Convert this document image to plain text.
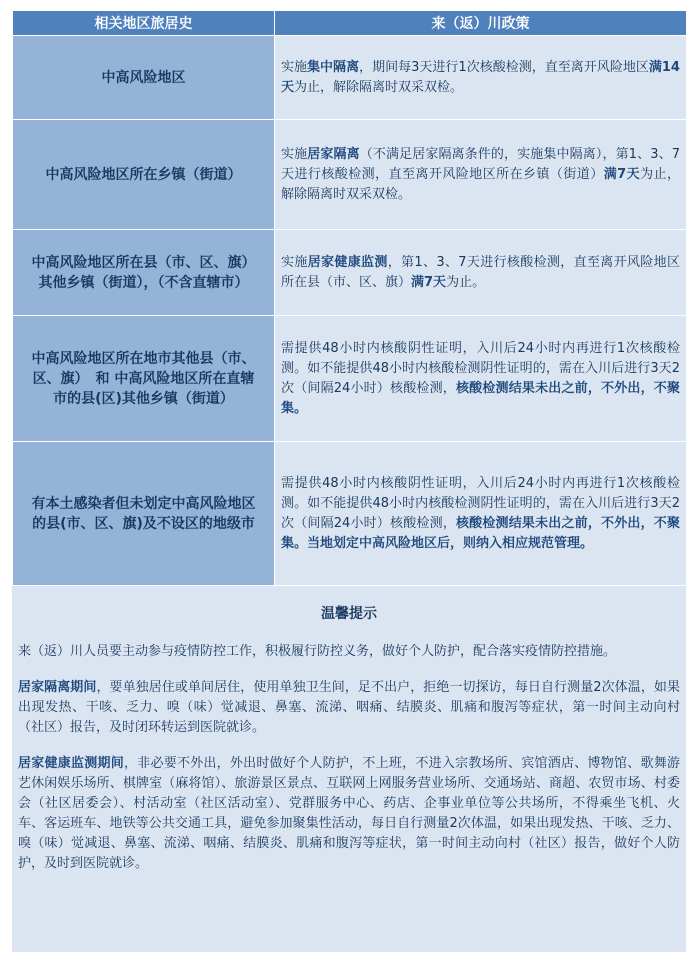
相关地区旅居史	来（返）川政策
中高风险地区	实施集中隔离，期间每3天进行1次核酸检测，直至离开风险地区满14天为止，解除隔离时双采双检。
中高风险地区所在乡镇（街道）	实施居家隔离（不满足居家隔离条件的，实施集中隔离），第1、3、7天进行核酸检测，直至离开风险地区所在乡镇（街道）满7天为止，解除隔离时双采双检。
中高风险地区所在县（市、区、旗）其他乡镇（街道），（不含直辖市）	实施居家健康监测，第1、3、7天进行核酸检测，直至离开风险地区所在县（市、区、旗）满7天为止。
中高风险地区所在地市其他县（市、区、旗）　和 中高风险地区所在直辖市的县(区)其他乡镇（街道）	需提供48小时内核酸阴性证明，入川后24小时内再进行1次核酸检测。如不能提供48小时内核酸检测阴性证明的，需在入川后进行3天2次（间隔24小时）核酸检测，核酸检测结果未出之前，不外出，不聚集。
有本土感染者但未划定中高风险地区的县(市、区、旗)及不设区的地级市	需提供48小时内核酸阴性证明，入川后24小时内再进行1次核酸检测。如不能提供48小时内核酸检测阴性证明的，需在入川后进行3天2次（间隔24小时）核酸检测，核酸检测结果未出之前，不外出，不聚集。当地划定中高风险地区后，则纳入相应规范管理。
温馨提示

来（返）川人员要主动参与疫情防控工作，积极履行防控义务，做好个人防护，配合落实疫情防控措施。

居家隔离期间，要单独居住或单间居住，使用单独卫生间，足不出户，拒绝一切探访，每日自行测量2次体温，如果出现发热、干咳、乏力、嗅（味）觉减退、鼻塞、流涕、咽痛、结膜炎、肌痛和腹泻等症状，第一时间主动向村（社区）报告，及时闭环转运到医院就诊。

居家健康监测期间，非必要不外出，外出时做好个人防护，不上班，不进入宗教场所、宾馆酒店、博物馆、歌舞游艺休闲娱乐场所、棋牌室（麻将馆）、旅游景区景点、互联网上网服务营业场所、交通场站、商超、农贸市场、村委会（社区居委会）、村活动室（社区活动室）、党群服务中心、药店、企事业单位等公共场所，不得乘坐飞机、火车、客运班车、地铁等公共交通工具，避免参加聚集性活动，每日自行测量2次体温，如果出现发热、干咳、乏力、嗅（味）觉减退、鼻塞、流涕、咽痛、结膜炎、肌痛和腹泻等症状，第一时间主动向村（社区）报告，做好个人防护，及时到医院就诊。
